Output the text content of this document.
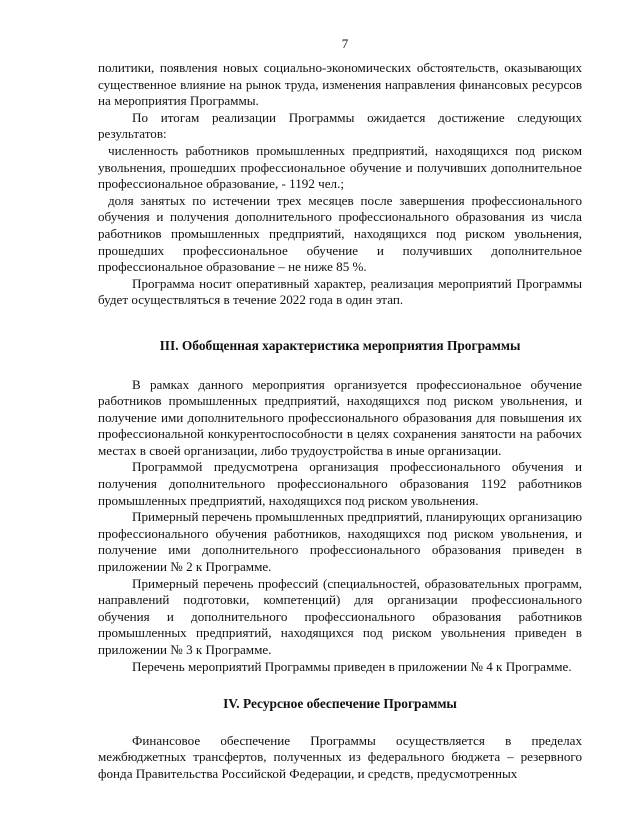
7

политики, появления новых социально-экономических обстоятельств, оказывающих существенное влияние на рынок труда, изменения направления финансовых ресурсов на мероприятия Программы.

По итогам реализации Программы ожидается достижение следующих результатов:

численность работников промышленных предприятий, находящихся под риском увольнения, прошедших профессиональное обучение и получивших дополнительное профессиональное образование, - 1192 чел.;

доля занятых по истечении трех месяцев после завершения профессионального обучения и получения дополнительного профессионального образования из числа работников промышленных предприятий, находящихся под риском увольнения, прошедших профессиональное обучение и получивших дополнительное профессиональное образование – не ниже 85 %.

Программа носит оперативный характер, реализация мероприятий Программы будет осуществляться в течение 2022 года в один этап.

III. Обобщенная характеристика мероприятия Программы

В рамках данного мероприятия организуется профессиональное обучение работников промышленных предприятий, находящихся под риском увольнения, и получение ими дополнительного профессионального образования для повышения их профессиональной конкурентоспособности в целях сохранения занятости на рабочих местах в своей организации, либо трудоустройства в иные организации.

Программой предусмотрена организация профессионального обучения и получения дополнительного профессионального образования 1192 работников промышленных предприятий, находящихся под риском увольнения.

Примерный перечень промышленных предприятий, планирующих организацию профессионального обучения работников, находящихся под риском увольнения, и получение ими дополнительного профессионального образования приведен в приложении № 2 к Программе.

Примерный перечень профессий (специальностей, образовательных программ, направлений подготовки, компетенций) для организации профессионального обучения и дополнительного профессионального образования работников промышленных предприятий, находящихся под риском увольнения приведен в приложении № 3 к Программе.

Перечень мероприятий Программы приведен в приложении № 4 к Программе.

IV. Ресурсное обеспечение Программы

Финансовое обеспечение Программы осуществляется в пределах межбюджетных трансфертов, полученных из федерального бюджета – резервного фонда Правительства Российской Федерации, и средств, предусмотренных
